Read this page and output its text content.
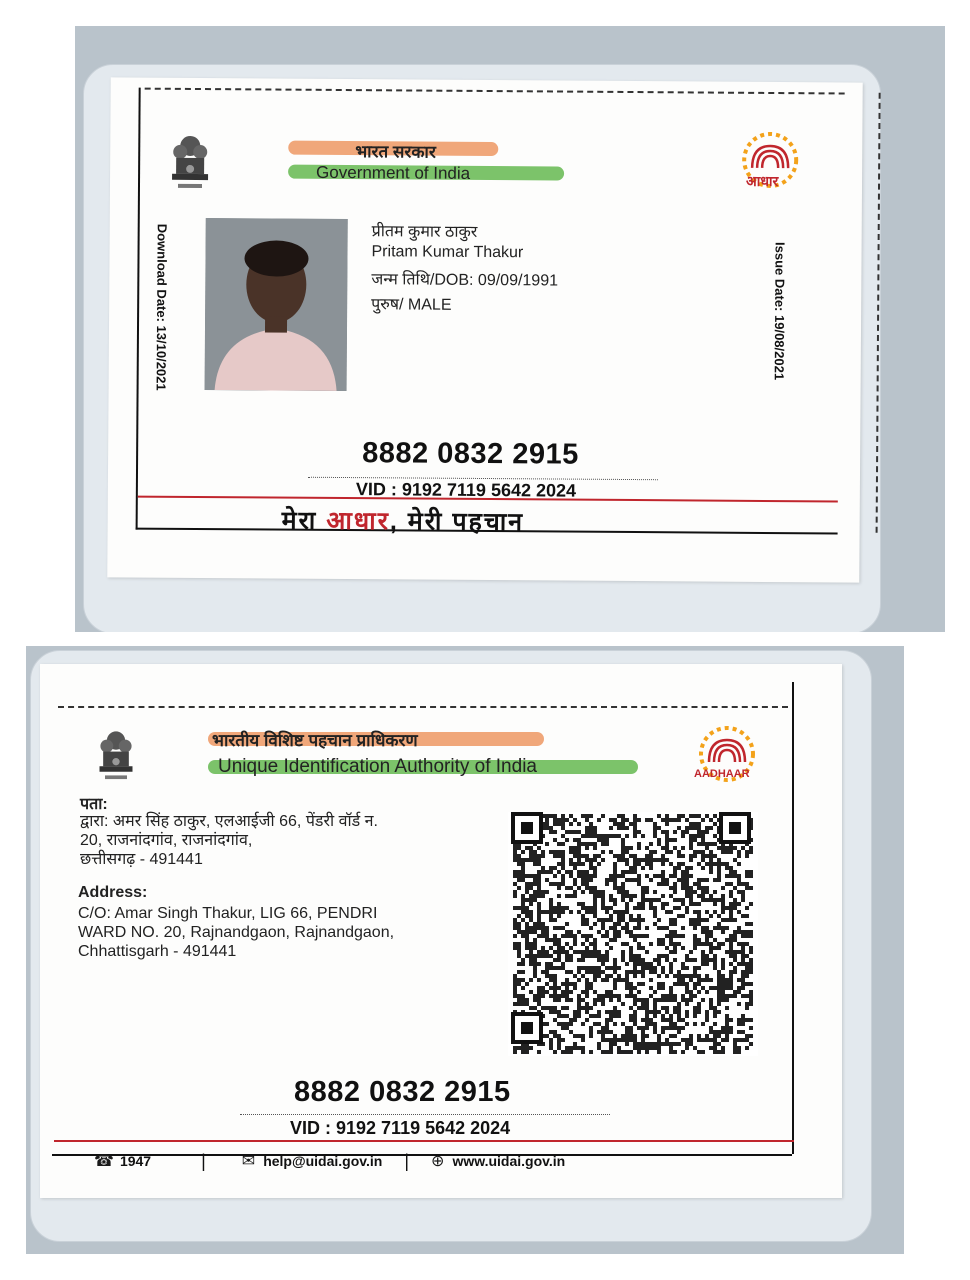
भारत सरकार
Government of India	आधार
प्रीतम कुमार ठाकुर
Pritam Kumar Thakur
जन्म तिथि/DOB: 09/09/1991
पुरुष/ MALE
Download Date: 13/10/2021	Issue Date: 19/08/2021
8882 0832 2915
VID : 9192 7119 5642 2024
मेरा आधार, मेरी पहचान
भारतीय विशिष्ट पहचान प्राधिकरण
Unique Identification Authority of India	AADHAAR
पता:
द्वारा: अमर सिंह ठाकुर, एलआईजी 66, पेंडरी वॉर्ड न.
20, राजनांदगांव, राजनांदगांव,
छत्तीसगढ़ - 491441
Address:
C/O: Amar Singh Thakur, LIG 66, PENDRI
WARD NO. 20, Rajnandgaon, Rajnandgaon,
Chhattisgarh - 491441
8882 0832 2915
VID : 9192 7119 5642 2024
☎ 1947	| ✉ help@uidai.gov.in | ⊕ www.uidai.gov.in
